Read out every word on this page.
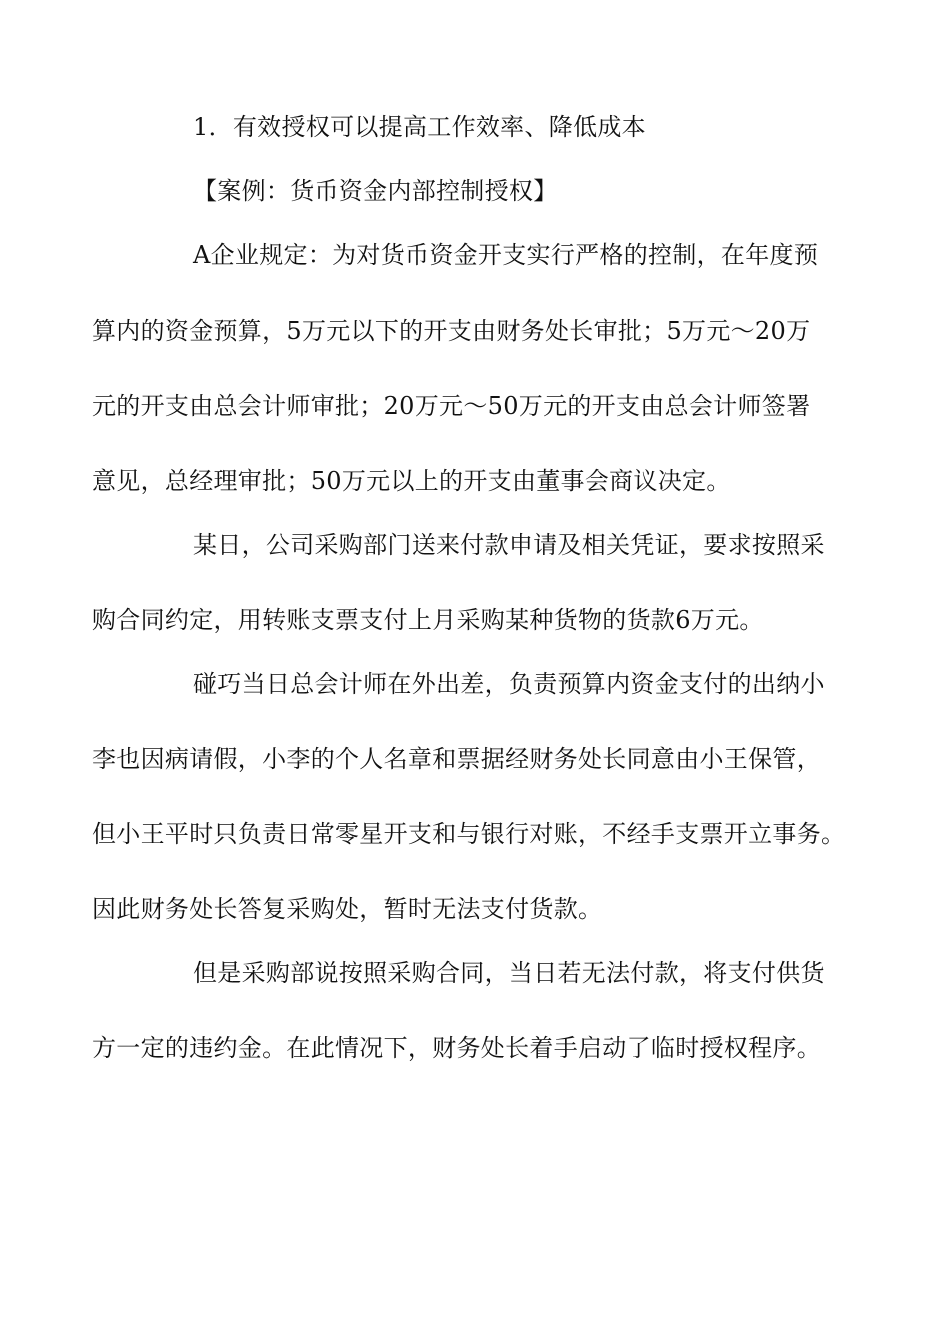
1．有效授权可以提高工作效率、降低成本
【案例：货币资金内部控制授权】
A企业规定：为对货币资金开支实行严格的控制，在年度预
算内的资金预算，5万元以下的开支由财务处长审批；5万元～20万
元的开支由总会计师审批；20万元～50万元的开支由总会计师签署
意见，总经理审批；50万元以上的开支由董事会商议决定。
某日，公司采购部门送来付款申请及相关凭证，要求按照采
购合同约定，用转账支票支付上月采购某种货物的货款6万元。
碰巧当日总会计师在外出差，负责预算内资金支付的出纳小
李也因病请假，小李的个人名章和票据经财务处长同意由小王保管，
但小王平时只负责日常零星开支和与银行对账，不经手支票开立事务。
因此财务处长答复采购处，暂时无法支付货款。
但是采购部说按照采购合同，当日若无法付款，将支付供货
方一定的违约金。在此情况下，财务处长着手启动了临时授权程序。
